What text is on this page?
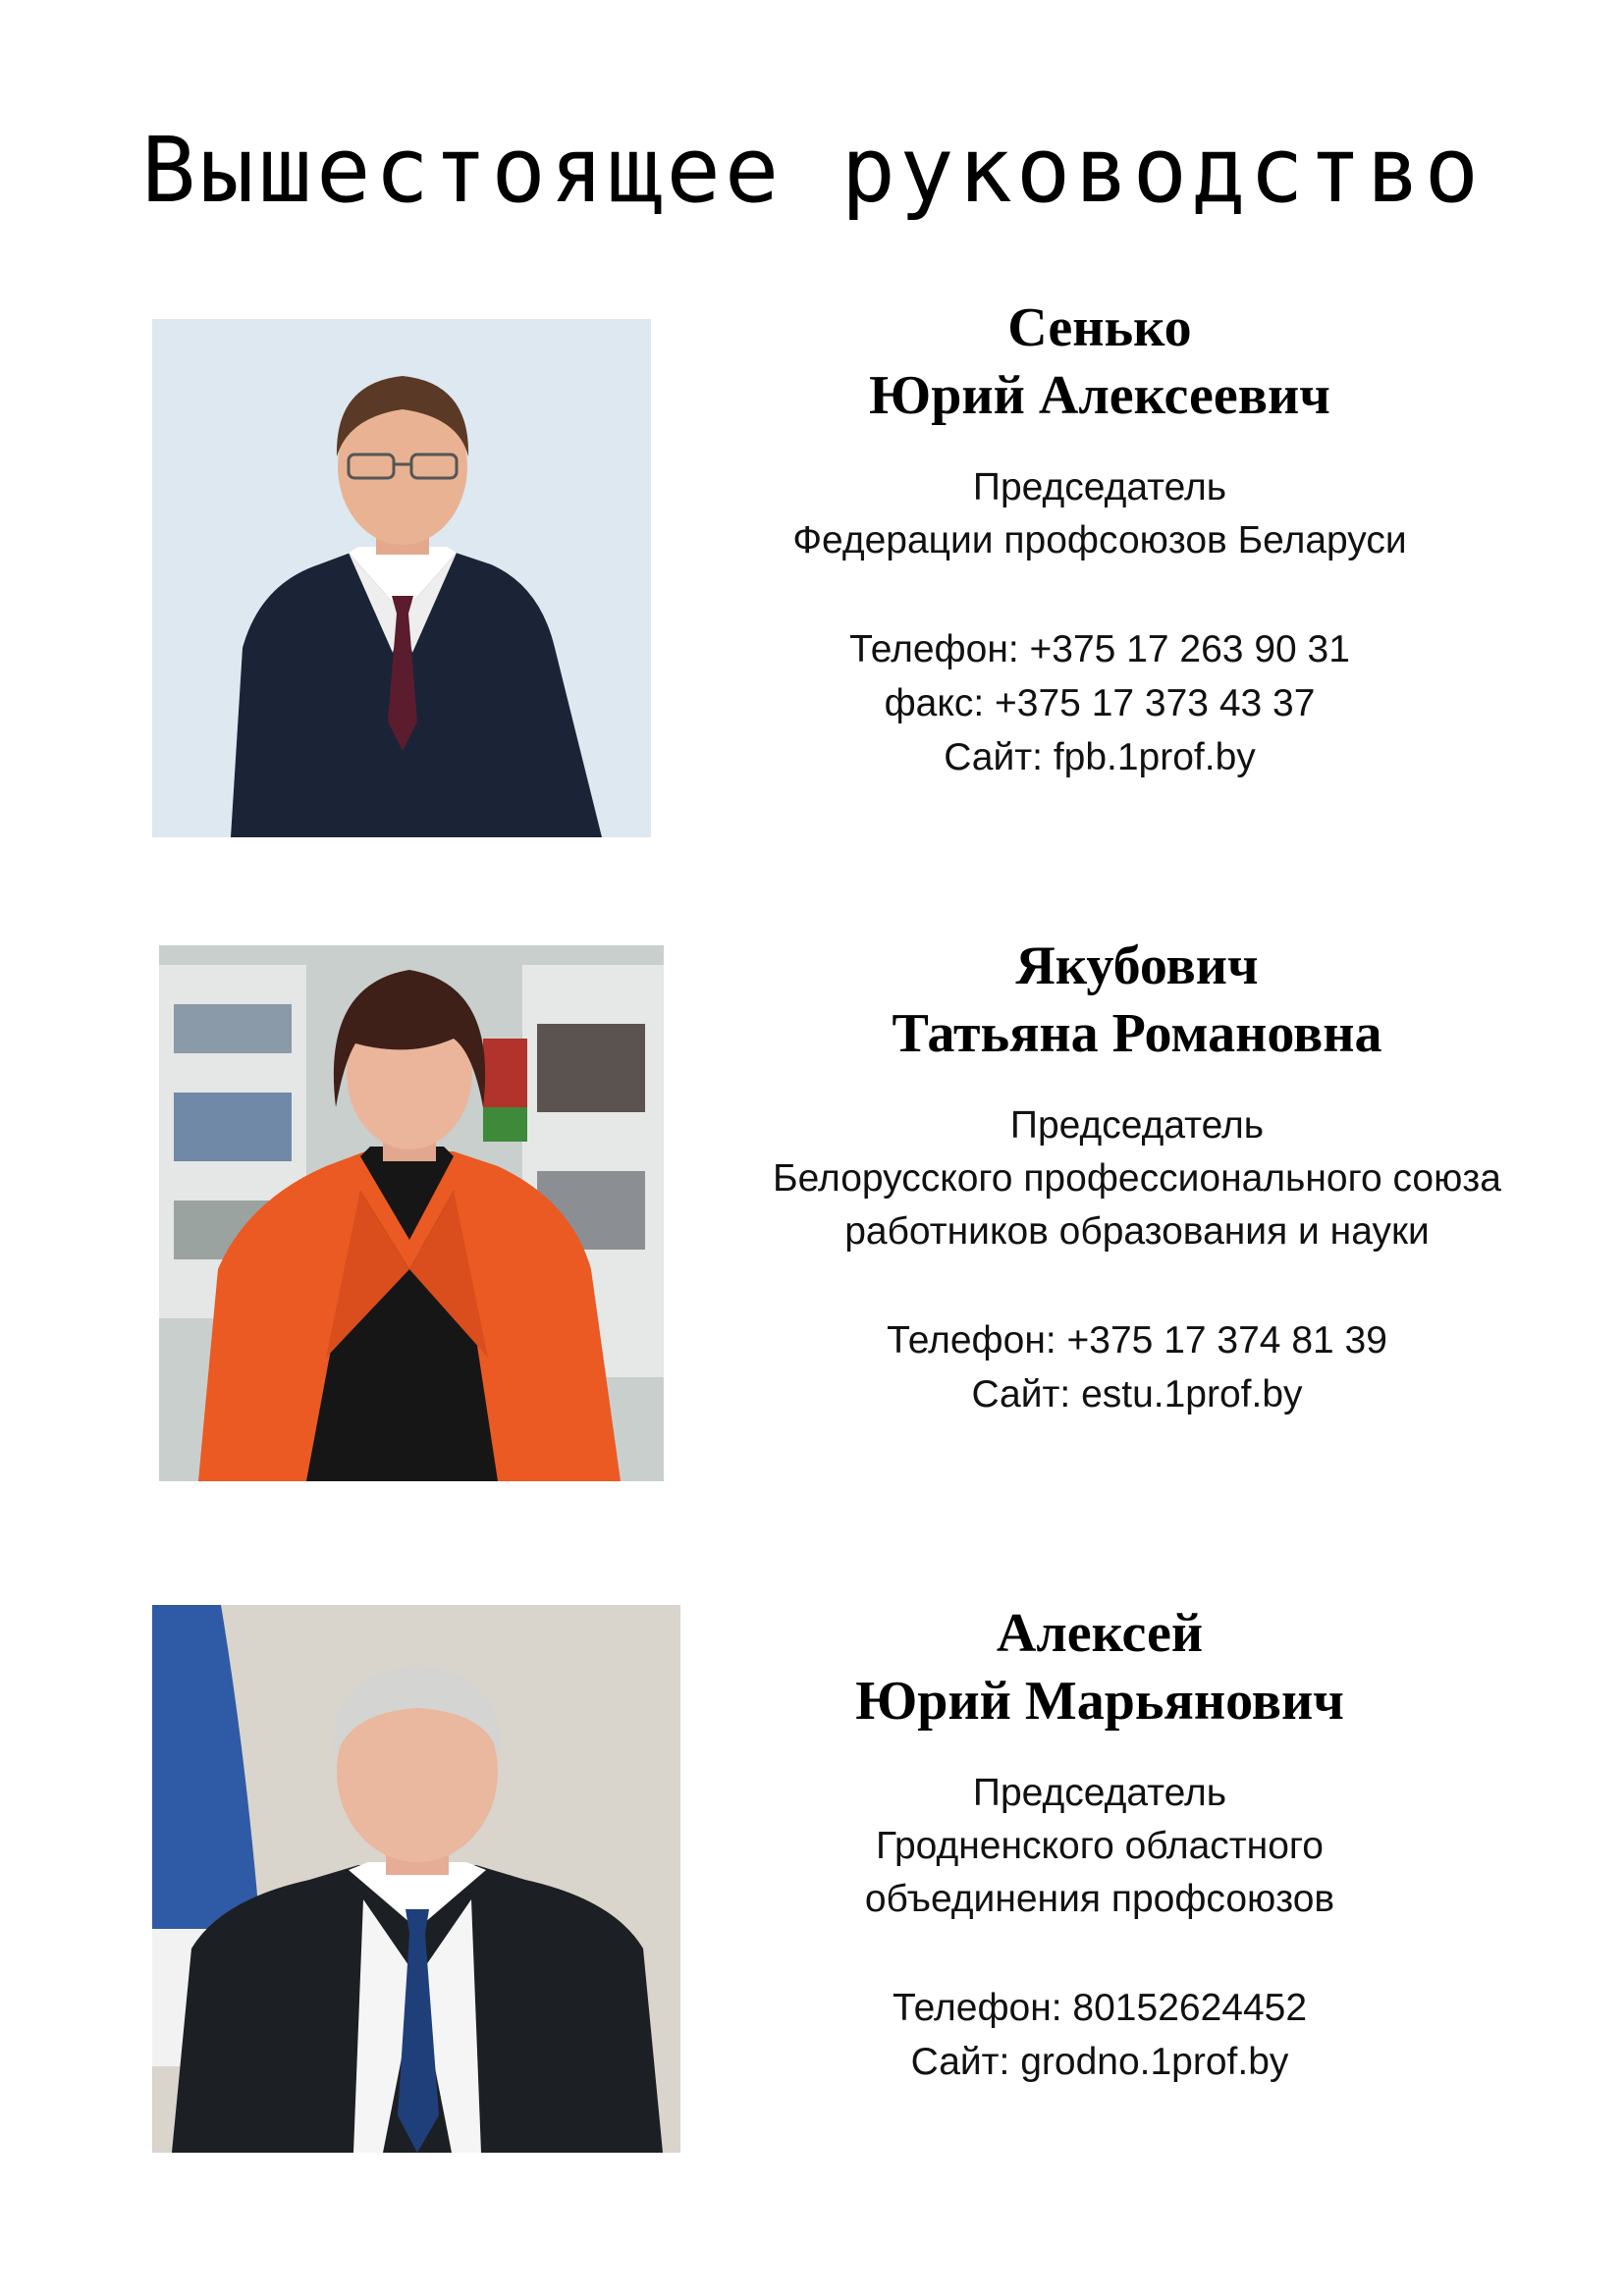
Вышестоящее руководство
Сенько
Юрий Алексеевич
Председатель
Федерации профсоюзов Беларуси
Телефон: +375 17 263 90 31
факс: +375 17 373 43 37
Сайт: fpb.1prof.by
Якубович
Татьяна Романовна
Председатель
Белорусского профессионального союза
работников образования и науки
Телефон: +375 17 374 81 39
Сайт: estu.1prof.by
Алексей
Юрий Марьянович
Председатель
Гродненского областного
объединения профсоюзов
Телефон: 80152624452
Сайт: grodno.1prof.by
